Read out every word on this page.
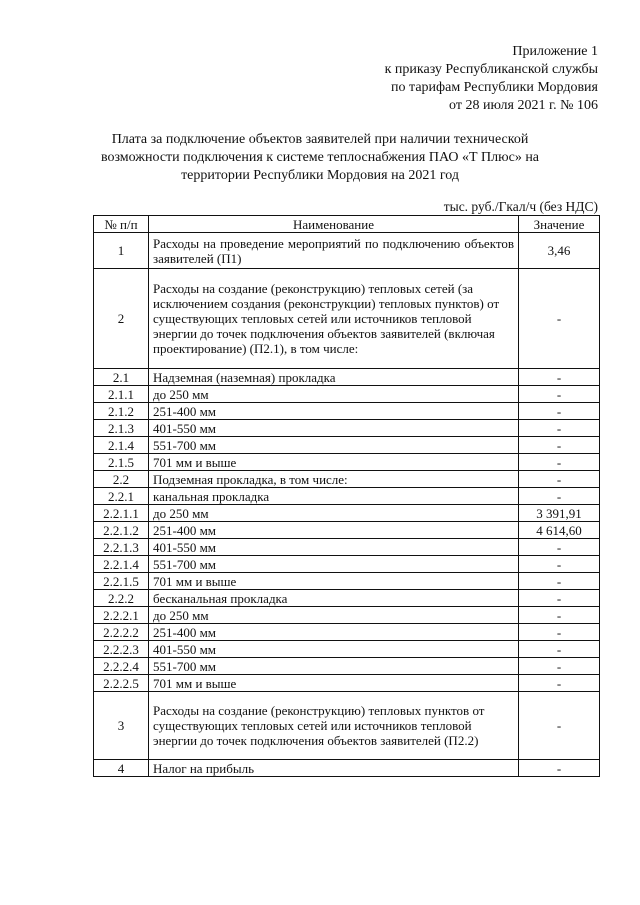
Приложение 1
к приказу Республиканской службы
по тарифам Республики Мордовия
от 28 июля 2021 г. № 106
Плата за подключение объектов заявителей при наличии технической возможности подключения к системе теплоснабжения ПАО «Т Плюс» на территории Республики Мордовия на 2021 год
тыс. руб./Гкал/ч (без НДС)
№ п/п	Наименование	Значение
1	Расходы на проведение мероприятий по подключению объектов заявителей (П1)	3,46
2	Расходы на создание (реконструкцию) тепловых сетей (за исключением создания (реконструкции) тепловых пунктов) от существующих тепловых сетей или источников тепловой энергии до точек подключения объектов заявителей (включая проектирование) (П2.1), в том числе:	-
2.1	Надземная (наземная) прокладка	-
2.1.1	до 250 мм	-
2.1.2	251-400 мм	-
2.1.3	401-550 мм	-
2.1.4	551-700 мм	-
2.1.5	701 мм и выше	-
2.2	Подземная прокладка, в том числе:	-
2.2.1	канальная прокладка	-
2.2.1.1	до 250 мм	3 391,91
2.2.1.2	251-400 мм	4 614,60
2.2.1.3	401-550 мм	-
2.2.1.4	551-700 мм	-
2.2.1.5	701 мм и выше	-
2.2.2	бесканальная прокладка	-
2.2.2.1	до 250 мм	-
2.2.2.2	251-400 мм	-
2.2.2.3	401-550 мм	-
2.2.2.4	551-700 мм	-
2.2.2.5	701 мм и выше	-
3	Расходы на создание (реконструкцию) тепловых пунктов от существующих тепловых сетей или источников тепловой энергии до точек подключения объектов заявителей (П2.2)	-
4	Налог на прибыль	-
